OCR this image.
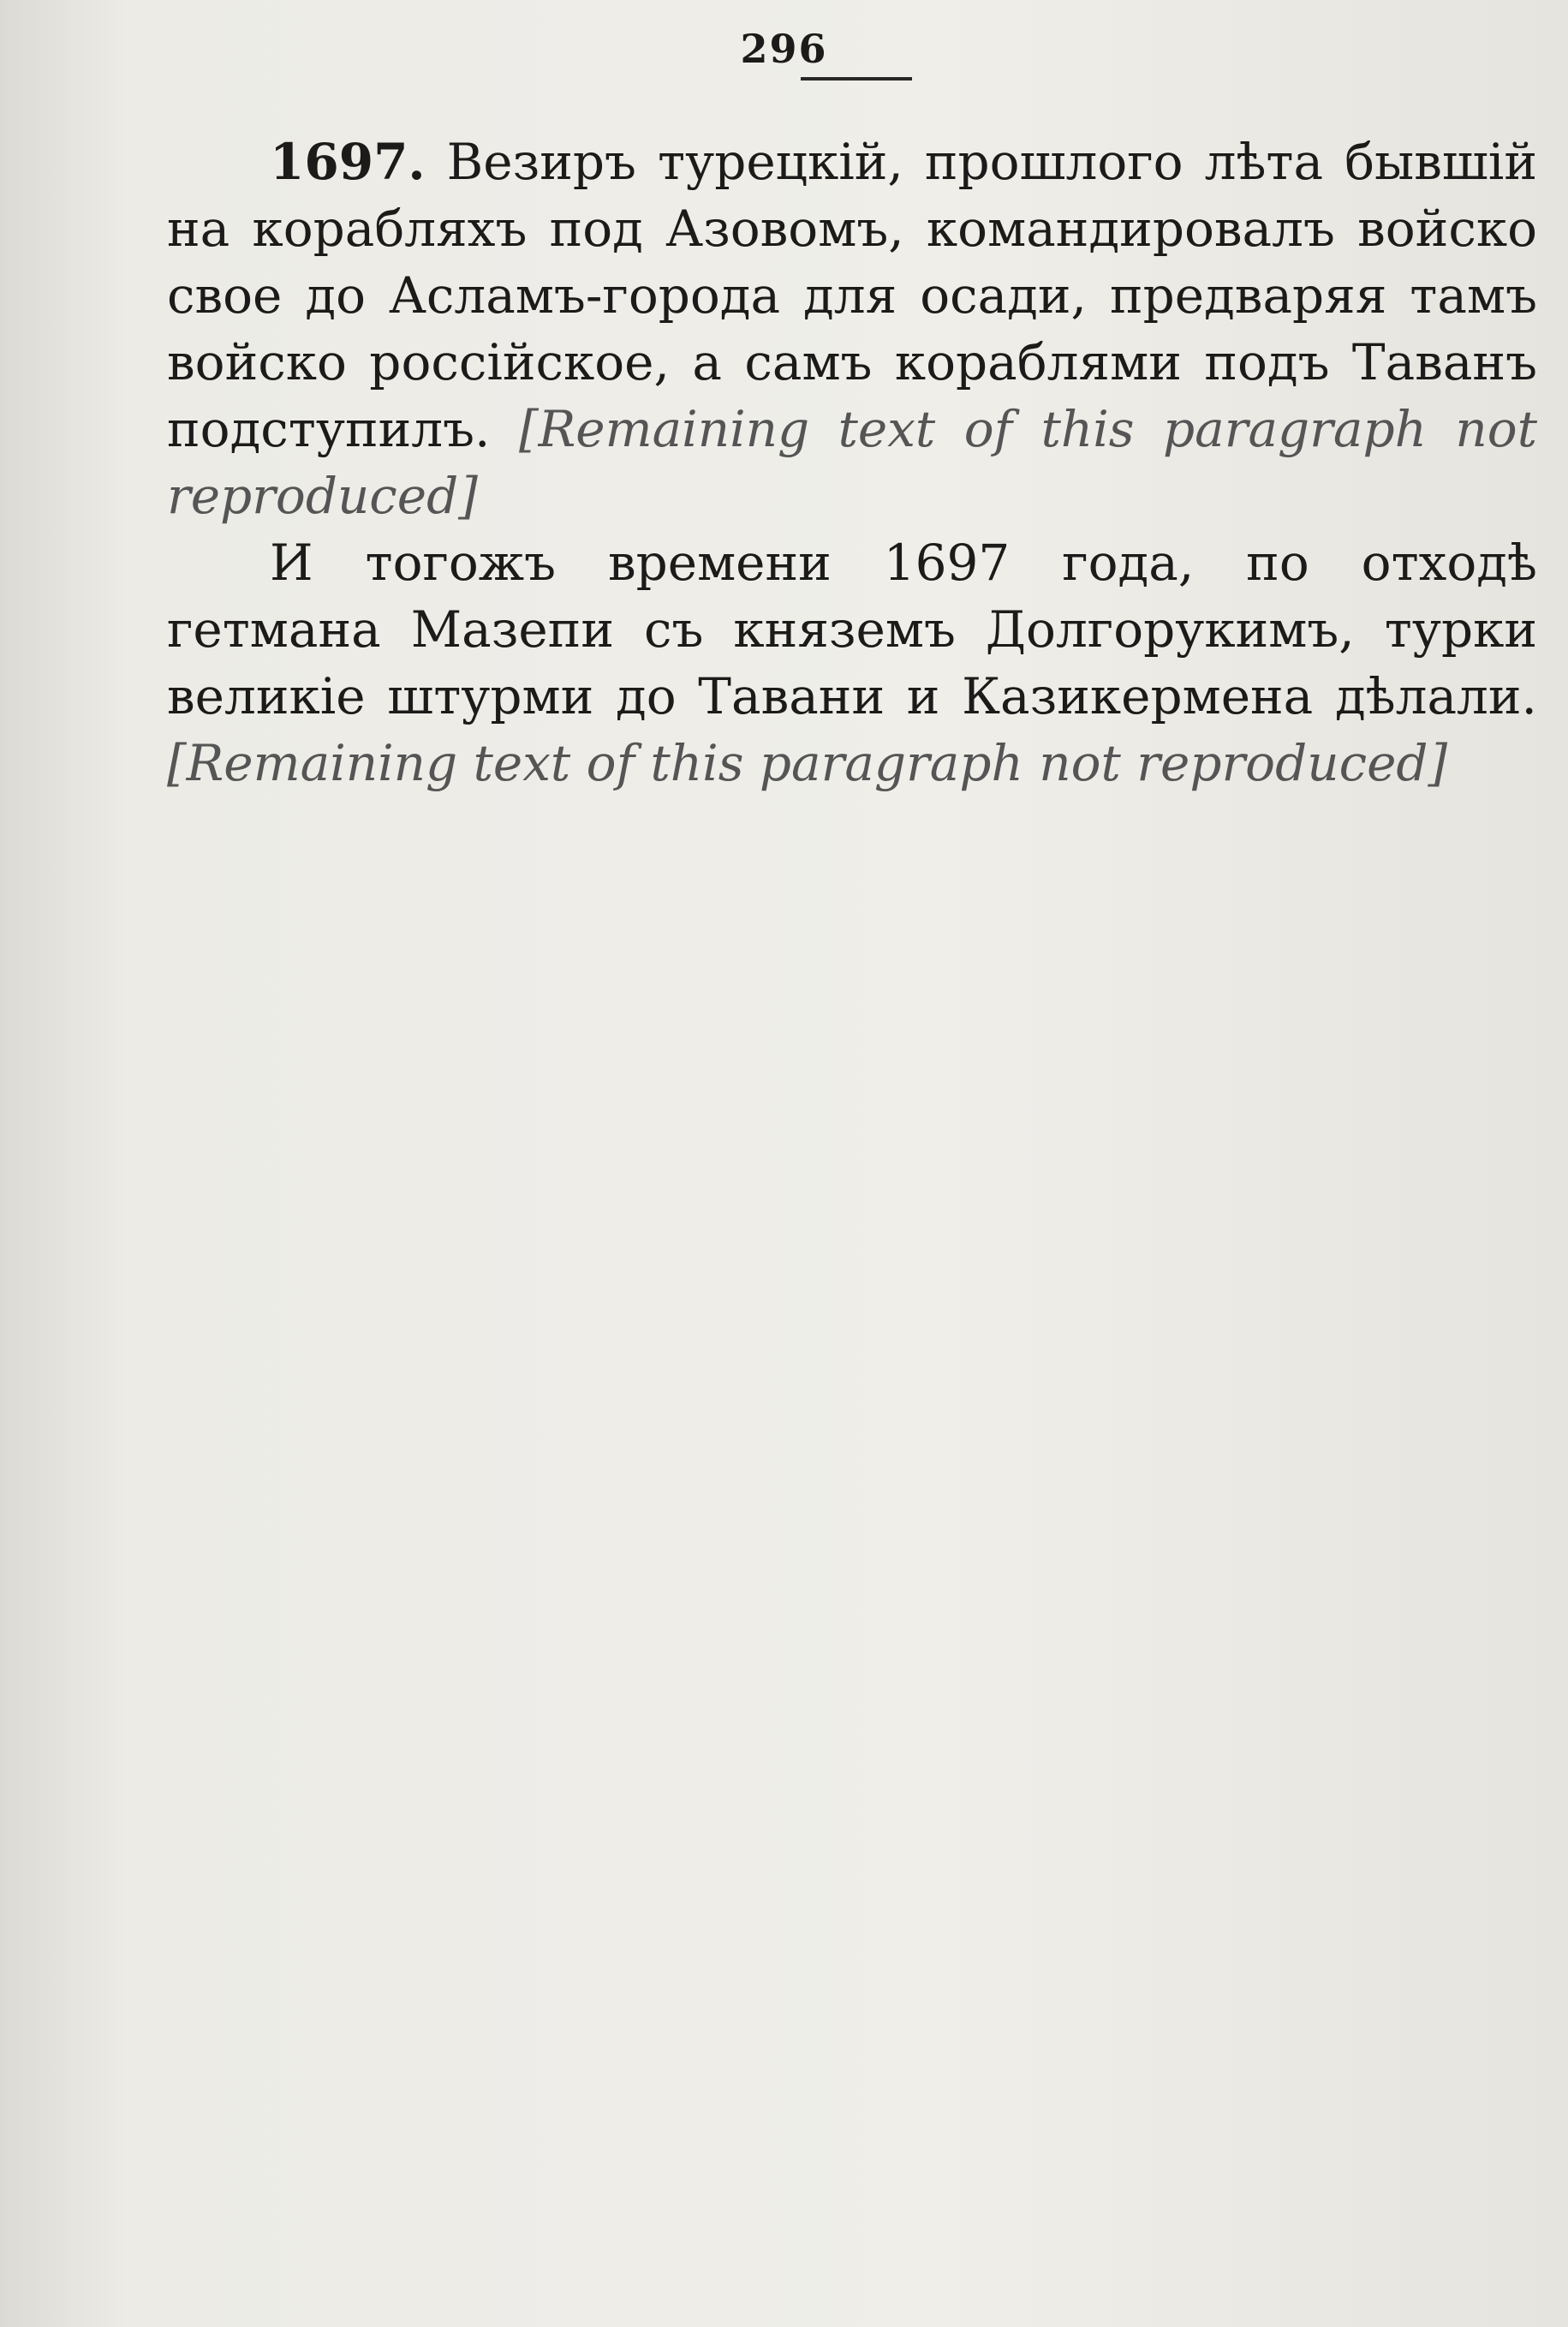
296

1697. Везиръ турецкій, прошлого лѣта бывшій на корабляхъ под Азовомъ, командировалъ войско свое до Асламъ-города для осади, предваряя тамъ войско россійское, а самъ кораблями подъ Таванъ подступилъ. [Remaining text of this paragraph not reproduced]

И тогожъ времени 1697 года, по отходѣ гетмана Мазепи съ княземъ Долгорукимъ, турки великіе штурми до Тавани и Казикермена дѣлали. [Remaining text of this paragraph not reproduced]
